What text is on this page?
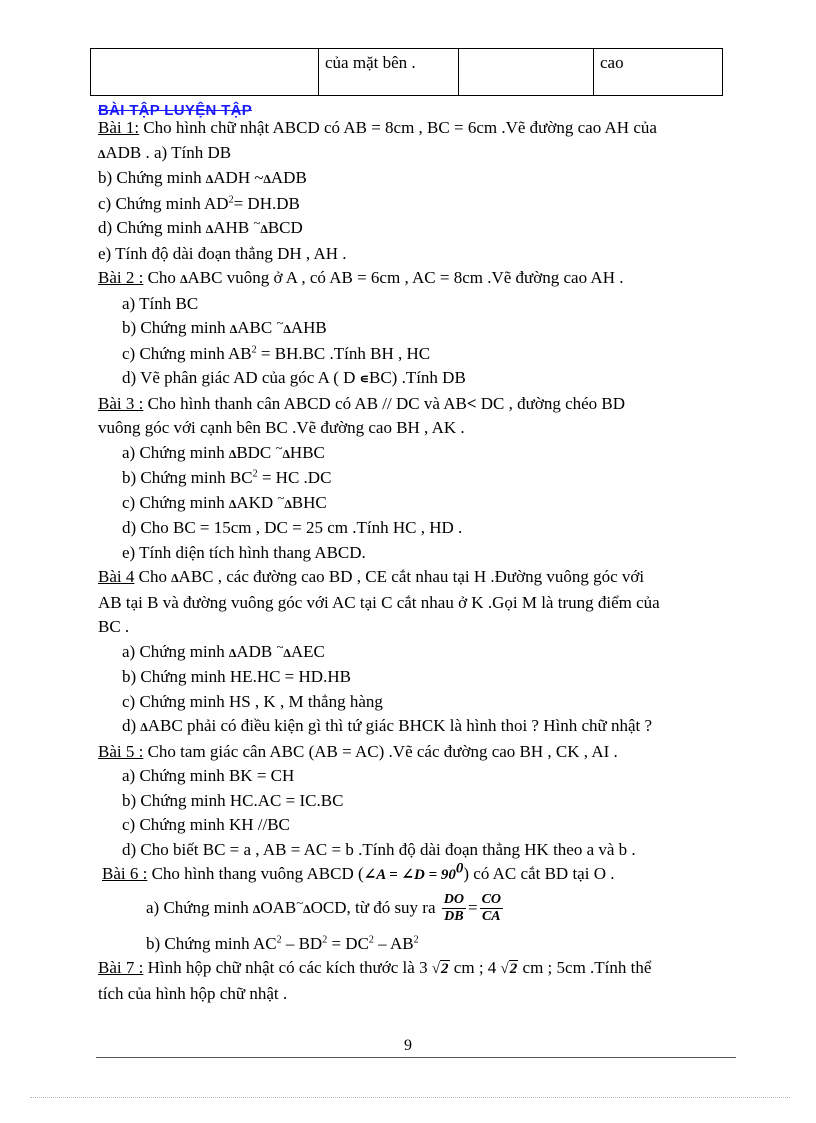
của mặt bên .	cao
BÀI TẬP LUYỆN TẬP
Bài 1: Cho hình chữ nhật ABCD có AB = 8cm , BC = 6cm .Vẽ đường cao AH của
∆ADB . a) Tính DB
b) Chứng minh ∆ADH ~∆ADB
c) Chứng minh $AD^2= DH.DB$
d) Chứng minh ∆AHB ~∆BCD
e) Tính độ dài đoạn thẳng DH , AH .
Bài 2 : Cho ∆ABC vuông ở A , có AB = 6cm , AC = 8cm .Vẽ đường cao AH .
a) Tính BC
b) Chứng minh ∆ABC ~∆AHB
c) Chứng minh $AB^2 = BH.BC$ .Tính BH , HC
d) Vẽ phân giác AD của góc A ( D ∊BC) .Tính DB
Bài 3 : Cho hình thanh cân ABCD có AB // DC và AB< DC , đường chéo BD
vuông góc với cạnh bên BC .Vẽ đường cao BH , AK .
a) Chứng minh ∆BDC ~∆HBC
b) Chứng minh $BC^2$ = HC .DC
c) Chứng minh ∆AKD ~∆BHC
d) Cho BC = 15cm , DC = 25 cm .Tính HC , HD .
e) Tính diện tích hình thang ABCD.
Bài 4 Cho ∆ABC , các đường cao BD , CE cắt nhau tại H .Đường vuông góc với
AB tại B và đường vuông góc với AC tại C cắt nhau ở K .Gọi M là trung điểm của
BC .
a) Chứng minh ∆ADB ~∆AEC
b) Chứng minh HE.HC = HD.HB
c) Chứng minh HS , K , M thẳng hàng
d) ∆ABC phải có điều kiện gì thì tứ giác BHCK là hình thoi ? Hình chữ nhật ?
Bài 5 : Cho tam giác cân ABC (AB = AC) .Vẽ các đường cao BH , CK , AI .
a) Chứng minh BK = CH
b) Chứng minh HC.AC = IC.BC
c) Chứng minh KH //BC
d) Cho biết BC = a , AB = AC = b .Tính độ dài đoạn thẳng HK theo a và b .
Bài 6 : Cho hình thang vuông ABCD (∠A = ∠D = $90^0$) có AC cắt BD tại O .
a) Chứng minh ∆OAB~∆OCD, từ đó suy ra $\frac{DO}{DB} = \frac{CO}{CA}$
b) Chứng minh $AC^2 - BD^2 = DC^2 - AB^2$
Bài 7 : Hình hộp chữ nhật có các kích thước là 3 √2 cm ; 4 √2 cm ; 5cm .Tính thể
tích của hình hộp chữ nhật .
9
